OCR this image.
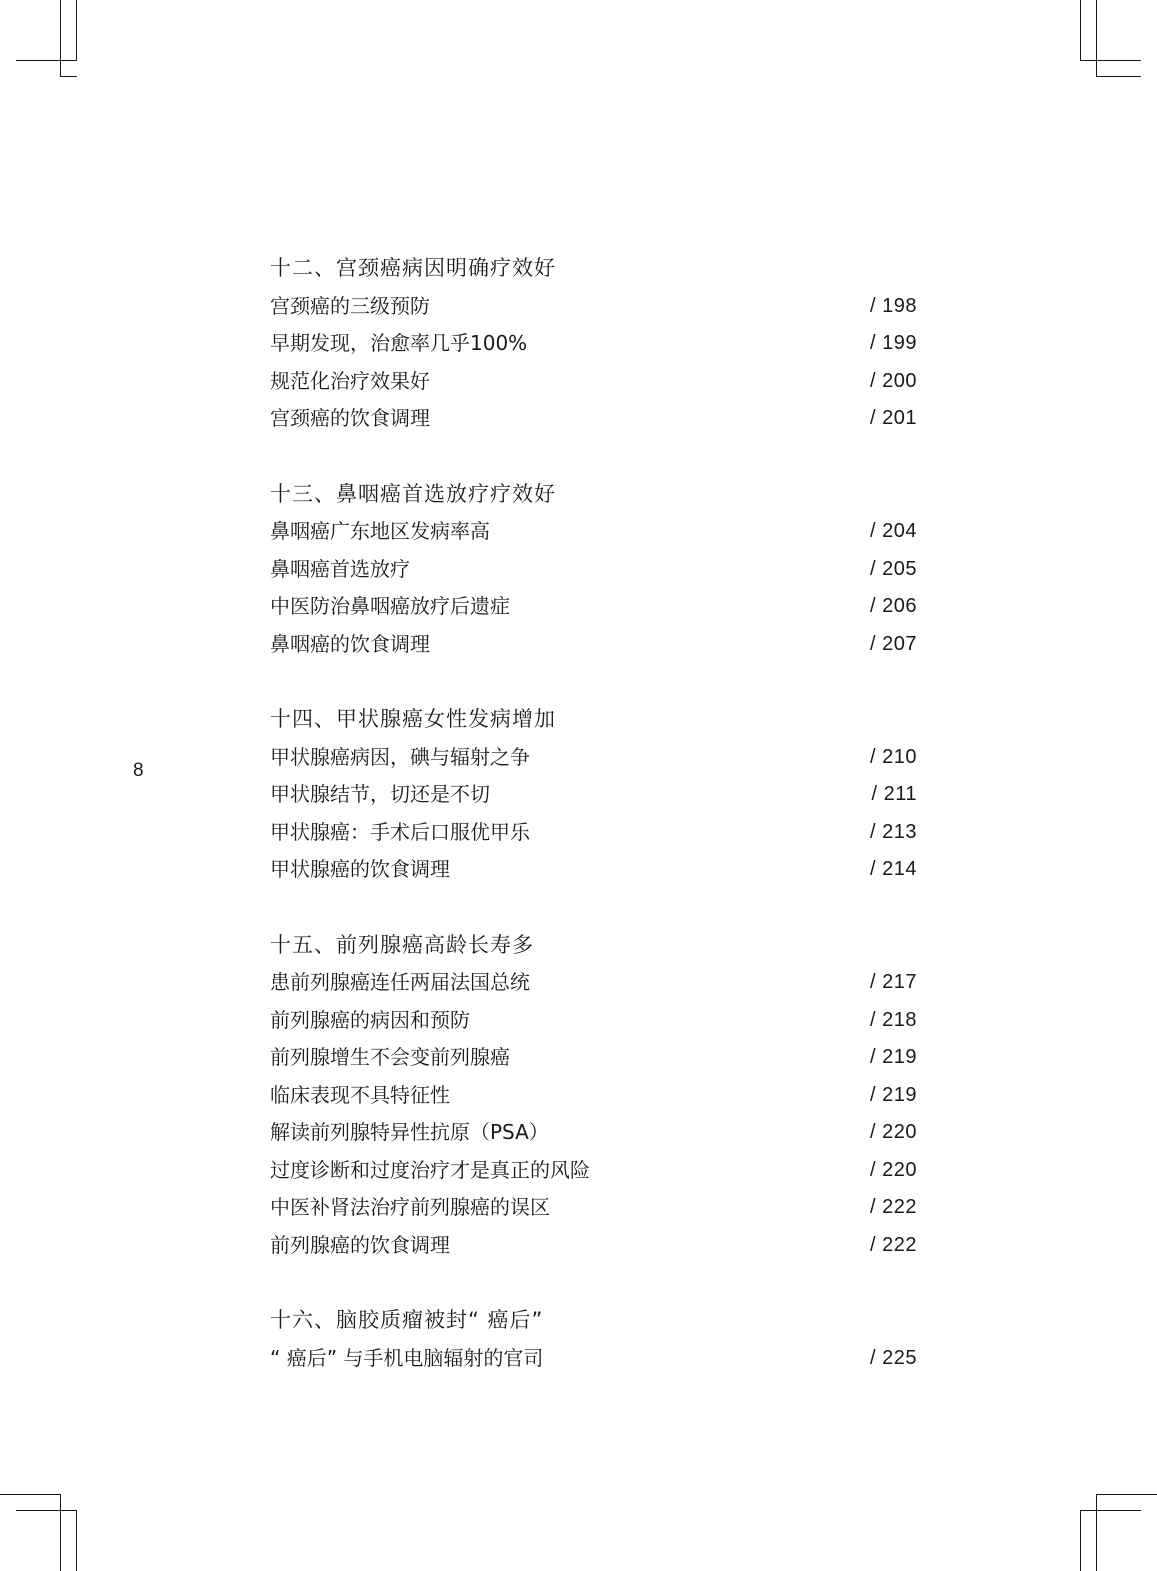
8
十二、宫颈癌病因明确疗效好
宫颈癌的三级预防	/ 198
早期发现，治愈率几乎100%	/ 199
规范化治疗效果好	/ 200
宫颈癌的饮食调理	/ 201
十三、鼻咽癌首选放疗疗效好
鼻咽癌广东地区发病率高	/ 204
鼻咽癌首选放疗	/ 205
中医防治鼻咽癌放疗后遗症	/ 206
鼻咽癌的饮食调理	/ 207
十四、甲状腺癌女性发病增加
甲状腺癌病因，碘与辐射之争	/ 210
甲状腺结节，切还是不切	/ 211
甲状腺癌：手术后口服优甲乐	/ 213
甲状腺癌的饮食调理	/ 214
十五、前列腺癌高龄长寿多
患前列腺癌连任两届法国总统	/ 217
前列腺癌的病因和预防	/ 218
前列腺增生不会变前列腺癌	/ 219
临床表现不具特征性	/ 219
解读前列腺特异性抗原（PSA）	/ 220
过度诊断和过度治疗才是真正的风险	/ 220
中医补肾法治疗前列腺癌的误区	/ 222
前列腺癌的饮食调理	/ 222
十六、脑胶质瘤被封“ 癌后”
“ 癌后” 与手机电脑辐射的官司	/ 225
